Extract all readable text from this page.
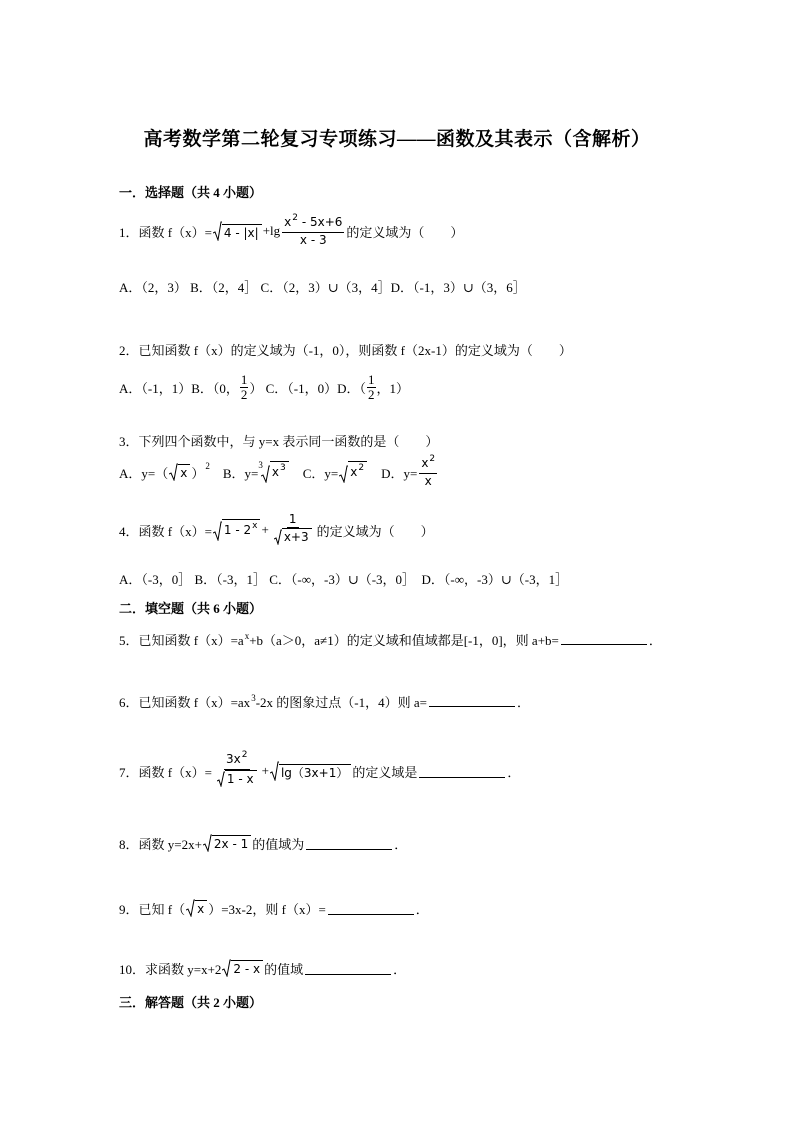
高考数学第二轮复习专项练习——函数及其表示（含解析）
一．选择题（共 4 小题）
1．函数 $f(x)= 4 - |x| +\lg \frac{x^2 - 5x+6}{x - 3}$ 的定义域为（　　）
A．（2，3） B．（2，4］ C．（2，3）∪（3，4］D．（-1，3）∪（3，6］
2．已知函数 f（x）的定义域为（-1，0），则函数 f（2x-1）的定义域为（　　）
A．（-1，1）B．（0， $\frac{1}{2}$ ） C．（-1，0）D．（ $\frac{1}{2}$ ，1）
3．下列四个函数中，与 y=x 表示同一函数的是（　　）
A．y=（ x ） 2 　B．y=
3 $x^3$ 　C．$y= x^2$ 　D．$y= \frac{x^2}{x}$
4．函数 $f(x)= 1 - 2^x + \frac{1}{x+3}$ 的定义域为（　　）
A．（-3，0］ B．（-3，1］ C．（-∞，-3）∪（-3，0］　D．（-∞，-3）∪（-3，1］
二．填空题（共 6 小题）
5．已知函数 $f(x)=a^x+b(a>0$，a≠1）的定义域和值域都是[-1，0]，则 a+b=	．
6．已知函数 $f(x)=ax^3-2x$ 的图象过点（-1，4）则 a=	．
7．函数 $f(x)= \frac{3x^2}{1 - x} + \lg(3x+1)$ 的定义域是	．
8．函数 y=2x+ 2x - 1 的值域为	．
9．已知 f（ x ）=3x-2，则 f（x）=	．
10．求函数 y=x+2 2 - x 的值域	．
三．解答题（共 2 小题）
